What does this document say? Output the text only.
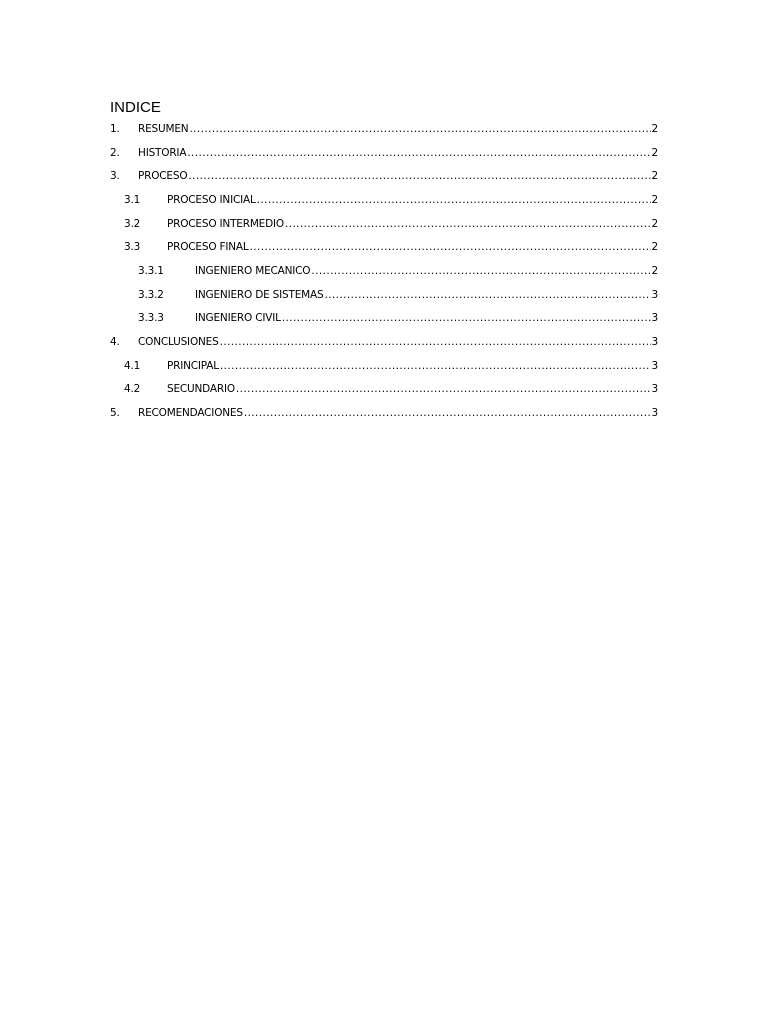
INDICE
1.	RESUMEN .....	2
2.	HISTORIA .....	2
3.	PROCESO .....	2
3.1	PROCESO INICIAL .....	2
3.2	PROCESO INTERMEDIO .....	2
3.3	PROCESO FINAL .....	2
3.3.1	INGENIERO MECANICO .....	2
3.3.2	INGENIERO DE SISTEMAS .....	3
3.3.3	INGENIERO CIVIL .....	3
4.	CONCLUSIONES .....	3
4.1	PRINCIPAL .....	3
4.2	SECUNDARIO .....	3
5.	RECOMENDACIONES .....	3
